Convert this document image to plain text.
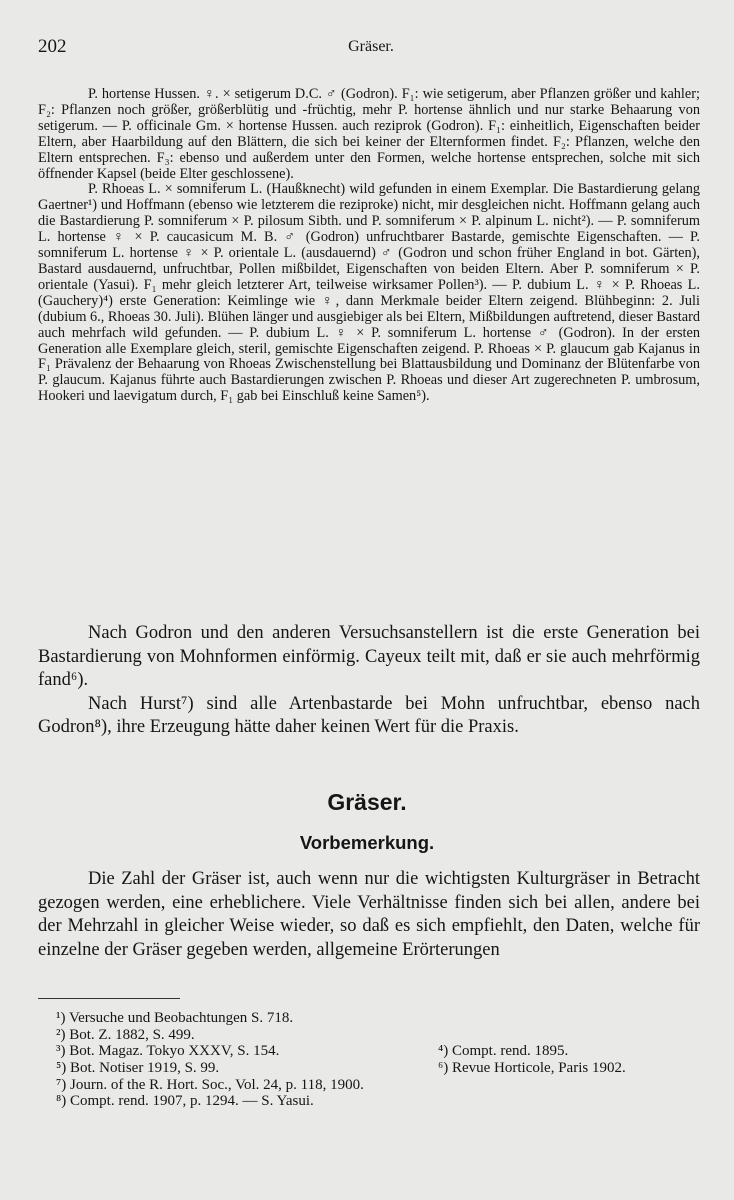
202	Gräser.

P. hortense Hussen. ♀. × setigerum D.C. ♂ (Godron). F₁: wie setigerum, aber Pflanzen größer und kahler; F₂: Pflanzen noch größer, größerblütig und -früchtig, mehr P. hortense ähnlich und nur starke Behaarung von setigerum. — P. officinale Gm. × hortense Hussen. auch reziprok (Godron). F₁: einheitlich, Eigenschaften beider Eltern, aber Haarbildung auf den Blättern, die sich bei keiner der Elternformen findet. F₂: Pflanzen, welche den Eltern entsprechen. F₃: ebenso und außerdem unter den Formen, welche hortense entsprechen, solche mit sich öffnender Kapsel (beide Elter geschlossene).

P. Rhoeas L. × somniferum L. (Haußknecht) wild gefunden in einem Exemplar. Die Bastardierung gelang Gaertner¹) und Hoffmann (ebenso wie letzterem die reziproke) nicht, mir desgleichen nicht. Hoffmann gelang auch die Bastardierung P. somniferum × P. pilosum Sibth. und P. somniferum × P. alpinum L. nicht²). — P. somniferum L. hortense ♀ × P. caucasicum M. B. ♂ (Godron) unfruchtbarer Bastarde, gemischte Eigenschaften. — P. somniferum L. hortense ♀ × P. orientale L. (ausdauernd) ♂ (Godron und schon früher England in bot. Gärten), Bastard ausdauernd, unfruchtbar, Pollen mißbildet, Eigenschaften von beiden Eltern. Aber P. somniferum × P. orientale (Yasui). F₁ mehr gleich letzterer Art, teilweise wirksamer Pollen³). — P. dubium L. ♀ × P. Rhoeas L. (Gauchery)⁴) erste Generation: Keimlinge wie ♀, dann Merkmale beider Eltern zeigend. Blühbeginn: 2. Juli (dubium 6., Rhoeas 30. Juli). Blühen länger und ausgiebiger als bei Eltern, Mißbildungen auftretend, dieser Bastard auch mehrfach wild gefunden. — P. dubium L. ♀ × P. somniferum L. hortense ♂ (Godron). In der ersten Generation alle Exemplare gleich, steril, gemischte Eigenschaften zeigend. P. Rhoeas × P. glaucum gab Kajanus in F₁ Prävalenz der Behaarung von Rhoeas Zwischenstellung bei Blattausbildung und Dominanz der Blütenfarbe von P. glaucum. Kajanus führte auch Bastardierungen zwischen P. Rhoeas und dieser Art zugerechneten P. umbrosum, Hookeri und laevigatum durch, F₁ gab bei Einschluß keine Samen⁵).

Nach Godron und den anderen Versuchsanstellern ist die erste Generation bei Bastardierung von Mohnformen einförmig. Cayeux teilt mit, daß er sie auch mehrförmig fand⁶).

Nach Hurst⁷) sind alle Artenbastarde bei Mohn unfruchtbar, ebenso nach Godron⁸), ihre Erzeugung hätte daher keinen Wert für die Praxis.

Gräser.
Vorbemerkung.

Die Zahl der Gräser ist, auch wenn nur die wichtigsten Kulturgräser in Betracht gezogen werden, eine erheblichere. Viele Verhältnisse finden sich bei allen, andere bei der Mehrzahl in gleicher Weise wieder, so daß es sich empfiehlt, den Daten, welche für einzelne der Gräser gegeben werden, allgemeine Erörterungen

¹) Versuche und Beobachtungen S. 718.
²) Bot. Z. 1882, S. 499.
³) Bot. Magaz. Tokyo XXXV, S. 154.	⁴) Compt. rend. 1895.
⁵) Bot. Notiser 1919, S. 99.	⁶) Revue Horticole, Paris 1902.
⁷) Journ. of the R. Hort. Soc., Vol. 24, p. 118, 1900.
⁸) Compt. rend. 1907, p. 1294. — S. Yasui.
